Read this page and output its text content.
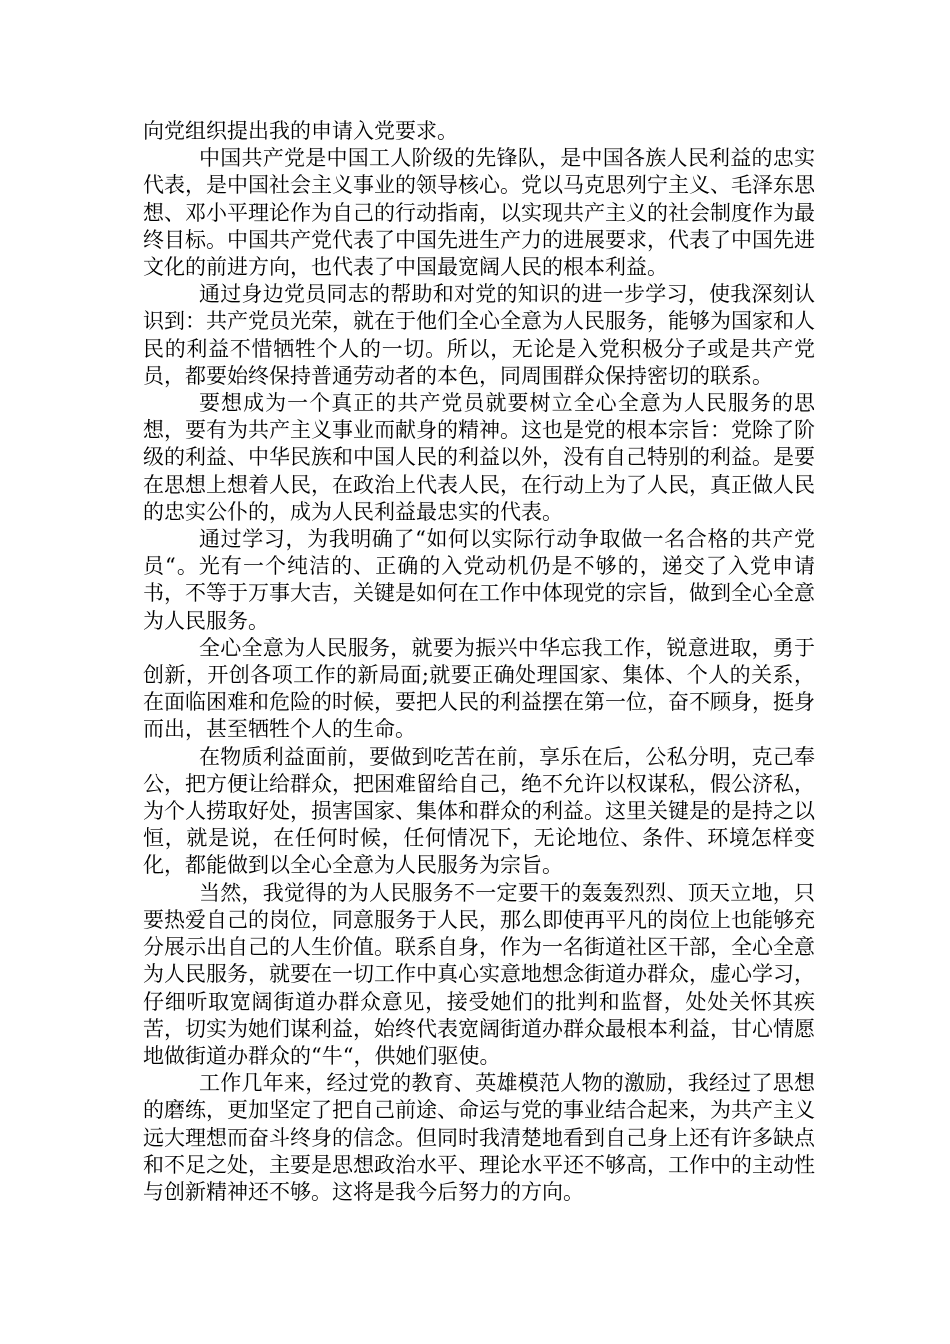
向党组织提出我的申请入党要求。

中国共产党是中国工人阶级的先锋队，是中国各族人民利益的忠实代表，是中国社会主义事业的领导核心。党以马克思列宁主义、毛泽东思想、邓小平理论作为自己的行动指南，以实现共产主义的社会制度作为最终目标。中国共产党代表了中国先进生产力的进展要求，代表了中国先进文化的前进方向，也代表了中国最宽阔人民的根本利益。

通过身边党员同志的帮助和对党的知识的进一步学习，使我深刻认识到：共产党员光荣，就在于他们全心全意为人民服务，能够为国家和人民的利益不惜牺牲个人的一切。所以，无论是入党积极分子或是共产党员，都要始终保持普通劳动者的本色，同周围群众保持密切的联系。

要想成为一个真正的共产党员就要树立全心全意为人民服务的思想，要有为共产主义事业而献身的精神。这也是党的根本宗旨：党除了阶级的利益、中华民族和中国人民的利益以外，没有自己特别的利益。是要在思想上想着人民，在政治上代表人民，在行动上为了人民，真正做人民的忠实公仆的，成为人民利益最忠实的代表。

通过学习，为我明确了“如何以实际行动争取做一名合格的共产党员“。光有一个纯洁的、正确的入党动机仍是不够的，递交了入党申请书，不等于万事大吉，关键是如何在工作中体现党的宗旨，做到全心全意为人民服务。

全心全意为人民服务，就要为振兴中华忘我工作，锐意进取，勇于创新，开创各项工作的新局面;就要正确处理国家、集体、个人的关系，在面临困难和危险的时候，要把人民的利益摆在第一位，奋不顾身，挺身而出，甚至牺牲个人的生命。

在物质利益面前，要做到吃苦在前，享乐在后，公私分明，克己奉公，把方便让给群众，把困难留给自己，绝不允许以权谋私，假公济私，为个人捞取好处，损害国家、集体和群众的利益。这里关键是的是持之以恒，就是说，在任何时候，任何情况下，无论地位、条件、环境怎样变化，都能做到以全心全意为人民服务为宗旨。

当然，我觉得的为人民服务不一定要干的轰轰烈烈、顶天立地，只要热爱自己的岗位，同意服务于人民，那么即使再平凡的岗位上也能够充分展示出自己的人生价值。联系自身，作为一名街道社区干部，全心全意为人民服务，就要在一切工作中真心实意地想念街道办群众，虚心学习，仔细听取宽阔街道办群众意见，接受她们的批判和监督，处处关怀其疾苦，切实为她们谋利益，始终代表宽阔街道办群众最根本利益，甘心情愿地做街道办群众的“牛“，供她们驱使。

工作几年来，经过党的教育、英雄模范人物的激励，我经过了思想的磨练，更加坚定了把自己前途、命运与党的事业结合起来，为共产主义远大理想而奋斗终身的信念。但同时我清楚地看到自己身上还有许多缺点和不足之处，主要是思想政治水平、理论水平还不够高，工作中的主动性与创新精神还不够。这将是我今后努力的方向。
